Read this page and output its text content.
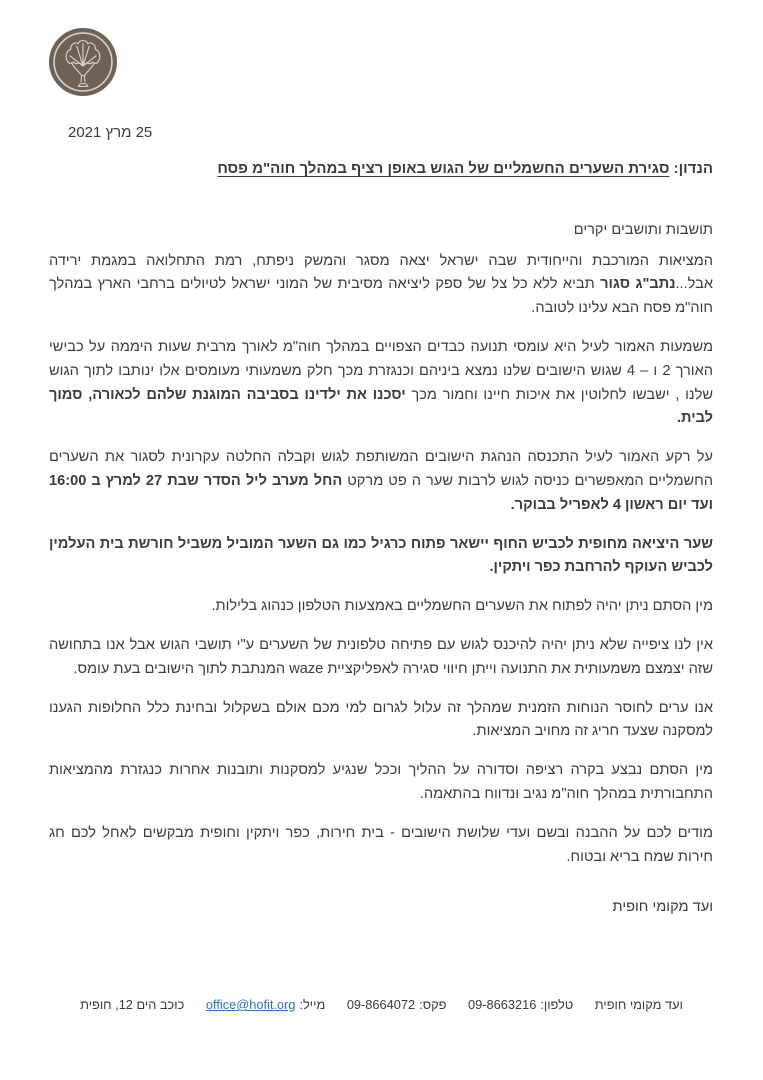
25 מרץ 2021
הנדון: סגירת השערים החשמליים של הגוש באופן רציף במהלך חוה"מ פסח

תושבות ותושבים יקרים

המציאות המורכבת והייחודית שבה ישראל יצאה מסגר והמשק ניפתח, רמת התחלואה במגמת ירידה אבל...נתב"ג סגור תביא ללא כל צל של ספק ליציאה מסיבית של המוני ישראל לטיולים ברחבי הארץ במהלך חוה"מ פסח הבא עלינו לטובה.

משמעות האמור לעיל היא עומסי תנועה כבדים הצפויים במהלך חוה"מ לאורך מרבית שעות היממה על כבישי האורך 2 ו – 4 שגוש הישובים שלנו נמצא ביניהם וכנגזרת מכך חלק משמעותי מעומסים אלו ינותבו לתוך הגוש שלנו , ישבשו לחלוטין את איכות חיינו וחמור מכך יסכנו את ילדינו בסביבה המוגנת שלהם לכאורה, סמוך לבית.

על רקע האמור לעיל התכנסה הנהגת הישובים המשותפת לגוש וקבלה החלטה עקרונית לסגור את השערים החשמליים המאפשרים כניסה לגוש לרבות שער ה פט מרקט החל מערב ליל הסדר שבת 27 למרץ ב 16:00 ועד יום ראשון 4 לאפריל בבוקר.

שער היציאה מחופית לכביש החוף יישאר פתוח כרגיל כמו גם השער המוביל משביל חורשת בית העלמין לכביש העוקף להרחבת כפר ויתקין.

מין הסתם ניתן יהיה לפתוח את השערים החשמליים באמצעות הטלפון כנהוג בלילות.

אין לנו ציפייה שלא ניתן יהיה להיכנס לגוש עם פתיחה טלפונית של השערים ע"י תושבי הגוש אבל אנו בתחושה שזה יצמצם משמעותית את התנועה וייתן חיווי סגירה לאפליקציית waze המנתבת לתוך הישובים בעת עומס.

אנו ערים לחוסר הנוחות הזמנית שמהלך זה עלול לגרום למי מכם אולם בשקלול ובחינת כלל החלופות הגענו למסקנה שצעד חריג זה מחויב המציאות.

מין הסתם נבצע בקרה רציפה וסדורה על ההליך וככל שנגיע למסקנות ותובנות אחרות כנגזרת מהמציאות התחבורתית במהלך חוה"מ נגיב ונדווח בהתאמה.

מודים לכם על ההבנה ובשם ועדי שלושת הישובים - בית חירות, כפר ויתקין וחופית מבקשים לאחל לכם חג חירות שמח בריא ובטוח.

ועד מקומי חופית
ועד מקומי חופית טלפון:09-8663216 פקס:09-8664072 מייל:office@hofit.org כוכב הים 12, חופית
